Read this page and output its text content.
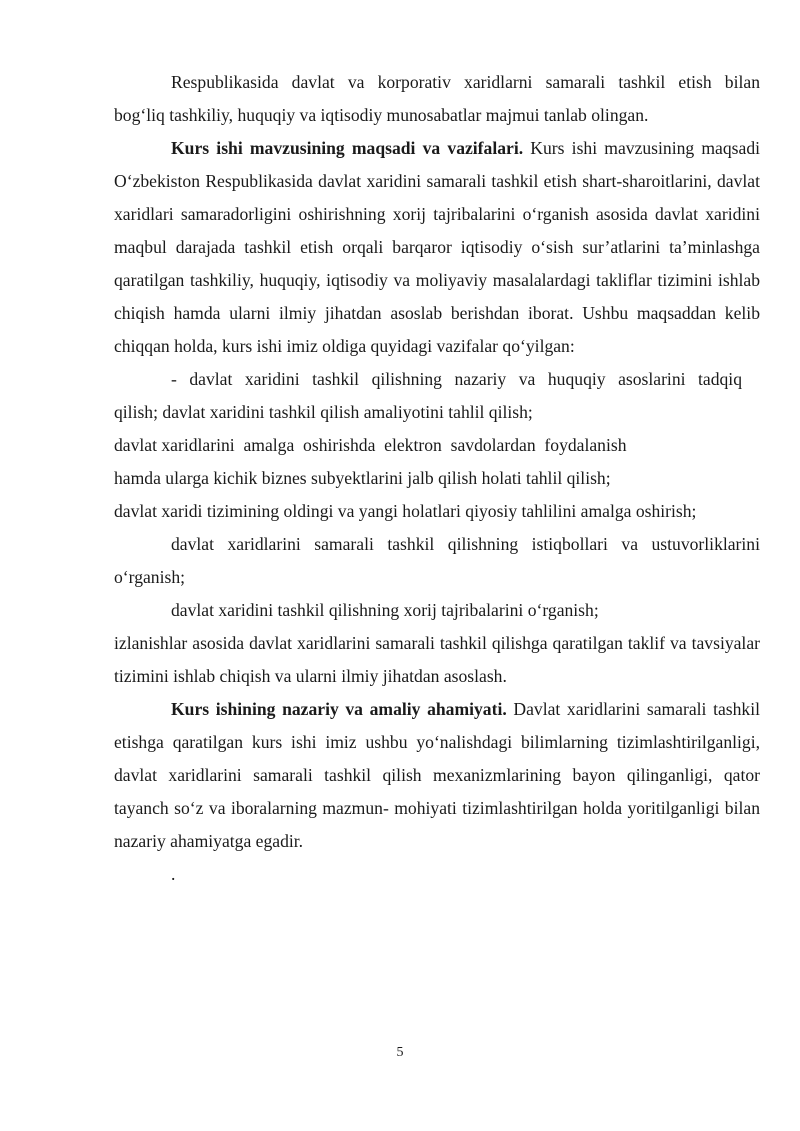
Respublikasida davlat va korporativ xaridlarni samarali tashkil etish bilan
bog‘liq tashkiliy, huquqiy va iqtisodiy munosabatlar majmui tanlab olingan.

Kurs ishi mavzusining maqsadi va vazifalari. Kurs ishi mavzusining maqsadi O‘zbekiston Respublikasida davlat xaridini samarali tashkil etish shart-sharoitlarini, davlat xaridlari samaradorligini oshirishning xorij tajribalarini o‘rganish asosida davlat xaridini maqbul darajada tashkil etish orqali barqaror iqtisodiy o‘sish sur’atlarini ta’minlashga qaratilgan tashkiliy, huquqiy, iqtisodiy va moliyaviy masalalardagi takliflar tizimini ishlab chiqish hamda ularni ilmiy jihatdan asoslab berishdan iborat. Ushbu maqsaddan kelib chiqqan holda, kurs ishi imiz oldiga quyidagi vazifalar qo‘yilgan:

- davlat xaridini tashkil qilishning nazariy va huquqiy asoslarini tadqiq
qilish; davlat xaridini tashkil qilish amaliyotini tahlil qilish;
davlat xaridlarini  amalga  oshirishda  elektron  savdolardan  foydalanish
hamda ularga kichik biznes subyektlarini jalb qilish holati tahlil qilish;
davlat xaridi tizimining oldingi va yangi holatlari qiyosiy tahlilini amalga oshirish;

davlat xaridlarini samarali tashkil qilishning istiqbollari va ustuvorliklarini o‘rganish;

davlat xaridini tashkil qilishning xorij tajribalarini o‘rganish;

izlanishlar asosida davlat xaridlarini samarali tashkil qilishga qaratilgan taklif va tavsiyalar tizimini ishlab chiqish va ularni ilmiy jihatdan asoslash.

Kurs ishining nazariy va amaliy ahamiyati. Davlat xaridlarini samarali tashkil etishga qaratilgan kurs ishi imiz ushbu yo‘nalishdagi bilimlarning tizimlashtirilganligi, davlat xaridlarini samarali tashkil qilish mexanizmlarining bayon qilinganligi, qator tayanch so‘z va iboralarning mazmun- mohiyati tizimlashtirilgan holda yoritilganligi bilan nazariy ahamiyatga egadir.

.

5
